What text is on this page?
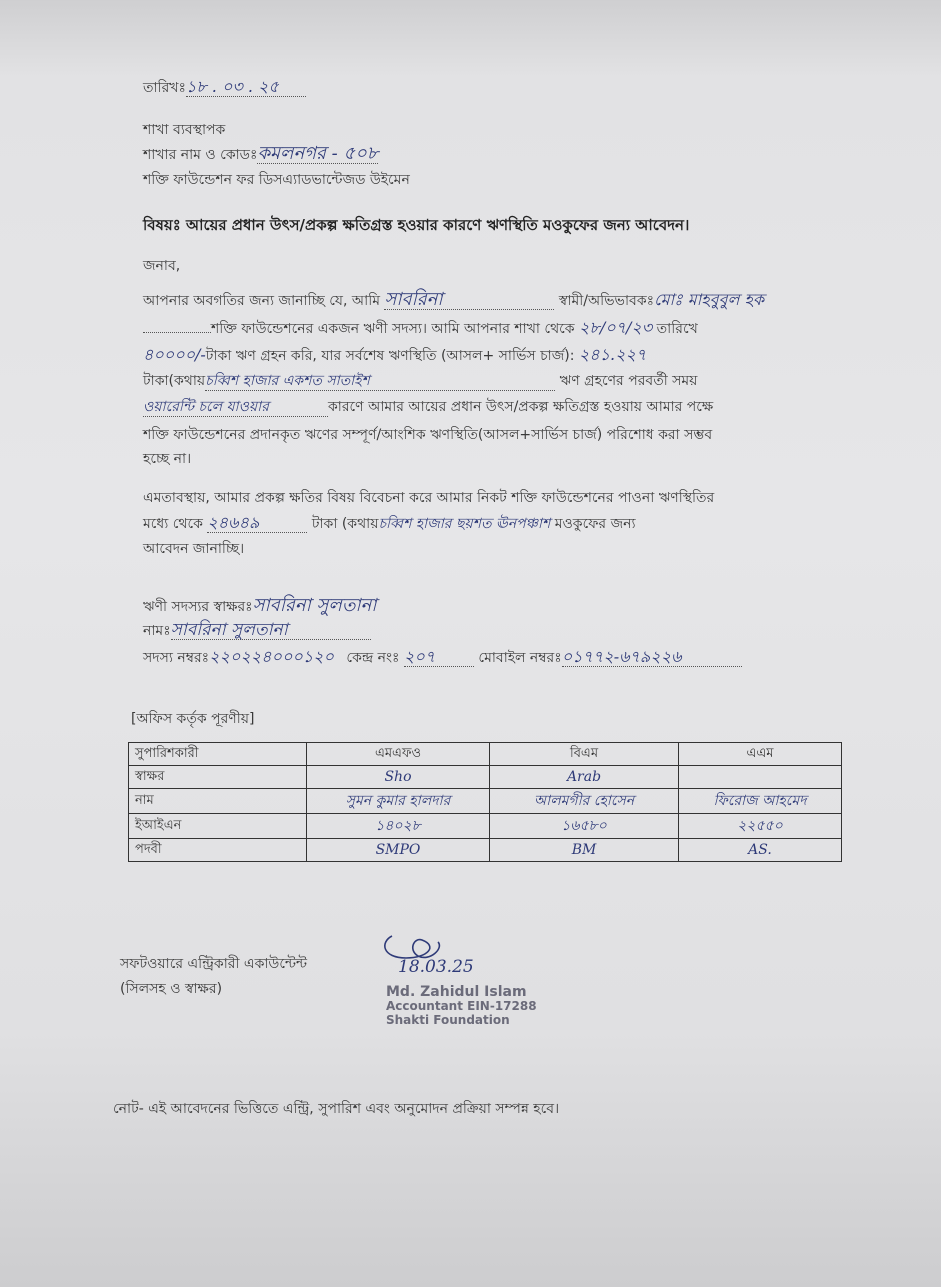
তারিখঃ১৮ . ০৩ . ২৫
শাখা ব্যবস্থাপক
শাখার নাম ও কোডঃকমলনগর - ৫০৮
শক্তি ফাউন্ডেশন ফর ডিসএ্যাডভান্টেজড উইমেন
বিষয়ঃ আয়ের প্রধান উৎস/প্রকল্প ক্ষতিগ্রস্ত হওয়ার কারণে ঋণস্থিতি মওকুফের জন্য আবেদন।
জনাব,
আপনার অবগতির জন্য জানাচ্ছি যে, আমি সাবরিনা	স্বামী/অভিভাবকঃমোঃ মাহবুবুল হক
শক্তি ফাউন্ডেশনের একজন ঋণী সদস্য। আমি আপনার শাখা থেকে ২৮/০৭/২৩ তারিখে
৪০০০০/-টাকা ঋণ গ্রহন করি, যার সর্বশেষ ঋণস্থিতি (আসল+ সার্ভিস চার্জ): ২৪১.২২৭
টাকা(কথায়চব্বিশ হাজার একশত সাতাইশ	ঋণ গ্রহণের পরবর্তী সময়
ওয়ারেন্টি চলে যাওয়ার	কারণে আমার আয়ের প্রধান উৎস/প্রকল্প ক্ষতিগ্রস্ত হওয়ায় আমার পক্ষে
শক্তি ফাউন্ডেশনের প্রদানকৃত ঋণের সম্পূর্ণ/আংশিক ঋণস্থিতি(আসল+সার্ভিস চার্জ) পরিশোধ করা সম্ভব
হচ্ছে না।
এমতাবস্থায়, আমার প্রকল্প ক্ষতির বিষয় বিবেচনা করে আমার নিকট শক্তি ফাউন্ডেশনের পাওনা ঋণস্থিতির
মধ্যে থেকে ২৪৬৪৯	টাকা (কথায়চব্বিশ হাজার ছয়শত ঊনপঞ্চাশ মওকুফের জন্য
আবেদন জানাচ্ছি।
ঋণী সদস্যর স্বাক্ষরঃসাবরিনা সুলতানা
নামঃসাবরিনা সুলতানা
সদস্য নম্বরঃ২২০২২৪০০০১২০ কেন্দ্র নংঃ ২০৭	মোবাইল নম্বরঃ০১৭৭২-৬৭৯২২৬
[অফিস কর্তৃক পূরণীয়]
সুপারিশকারী	এমএফও	বিএম	এএম
স্বাক্ষর	Sho	Arab	
নাম	সুমন কুমার হালদার	আলমগীর হোসেন	ফিরোজ আহমেদ
ইআইএন	১৪০২৮	১৬৫৮০	২২৫৫০
পদবী	SMPO	BM	AS.
সফটওয়ারে এন্ট্রিকারী একাউন্টেন্ট
(সিলসহ ও স্বাক্ষর)
18.03.25
Md. Zahidul Islam
Accountant EIN-17288
Shakti Foundation
নোট- এই আবেদনের ভিত্তিতে এন্ট্রি, সুপারিশ এবং অনুমোদন প্রক্রিয়া সম্পন্ন হবে।
